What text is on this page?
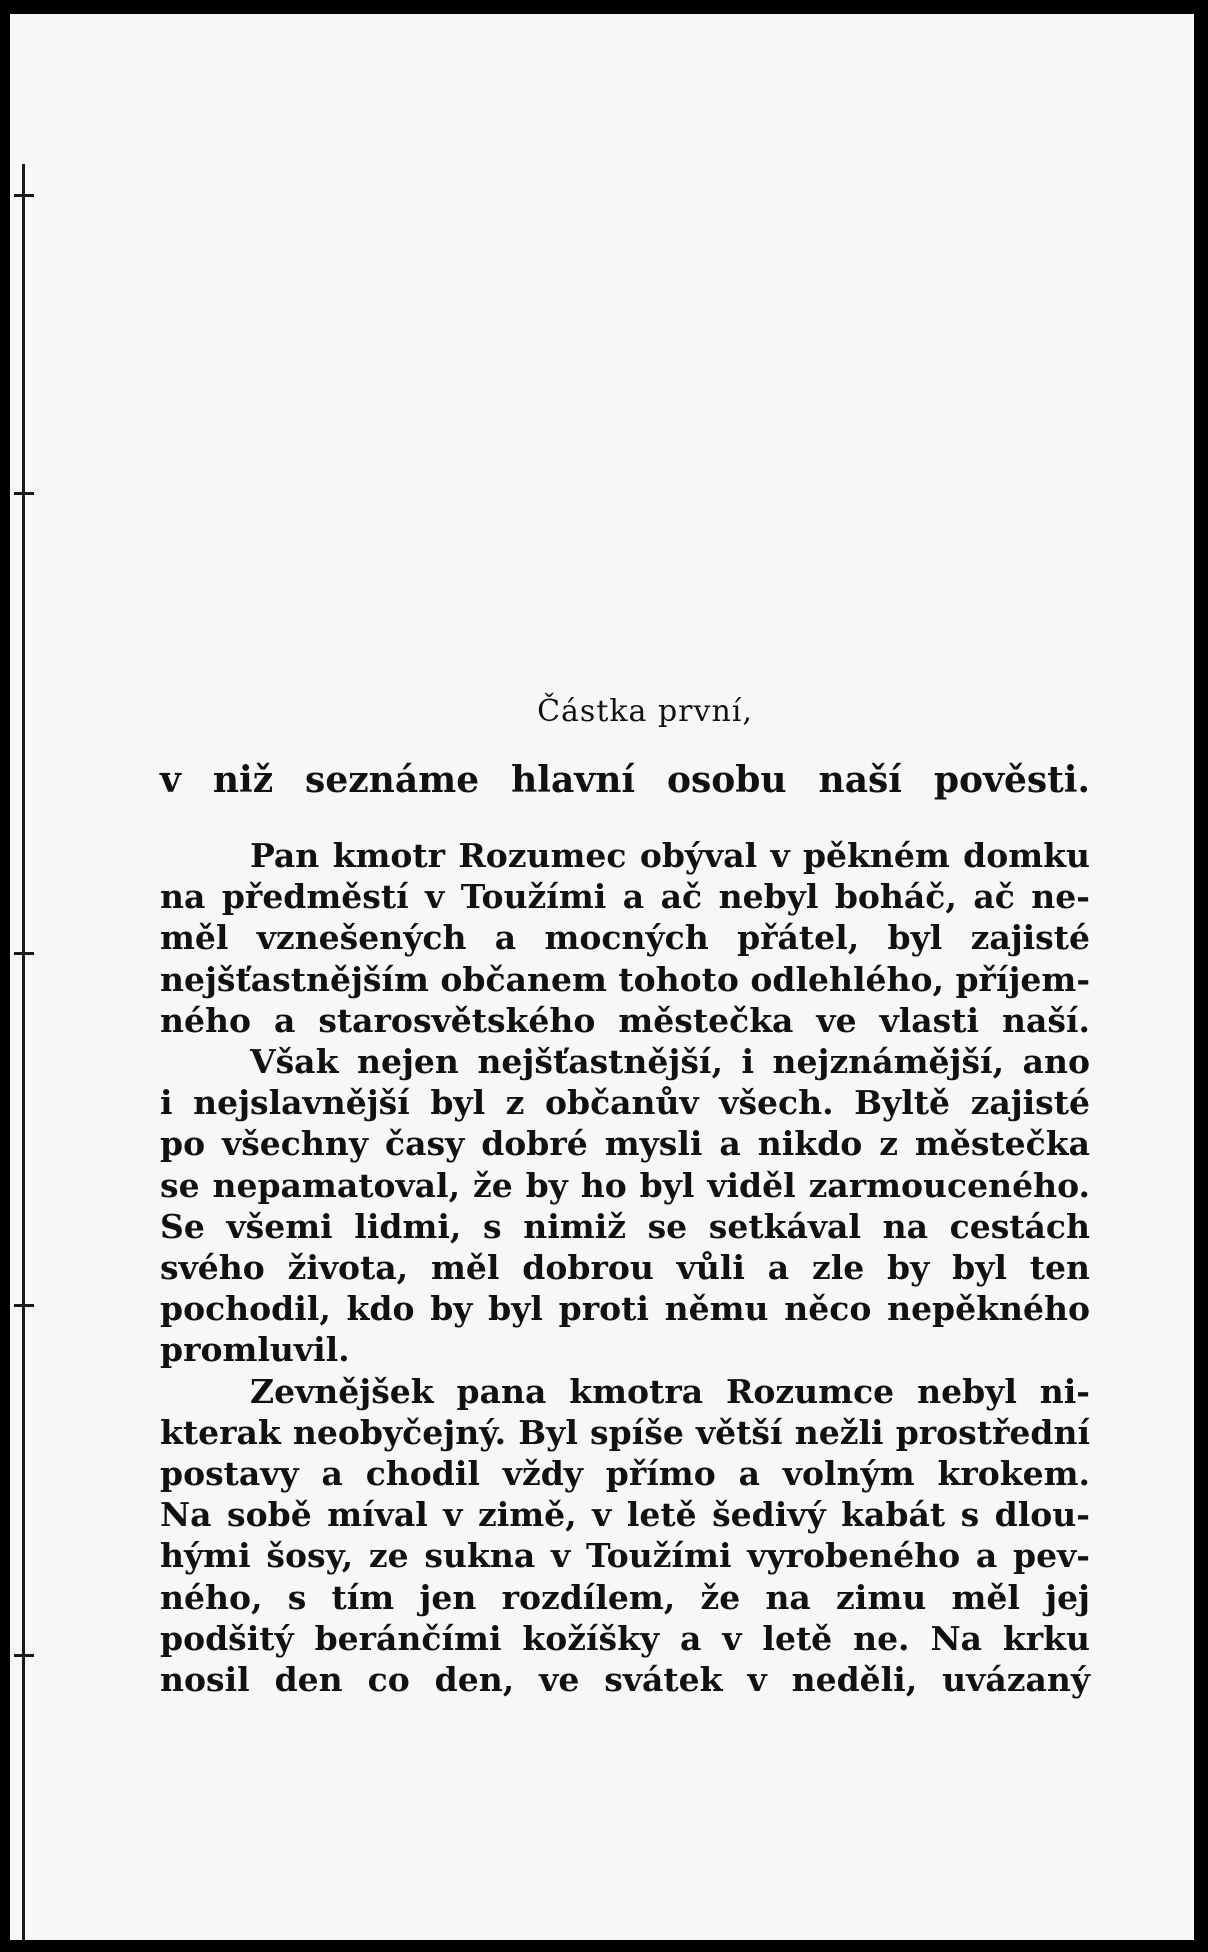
Částka první,
v niž seznáme hlavní osobu naší pověsti.
Pan kmotr Rozumec obýval v pěkném domku
na předměstí v Toužími a ač nebyl boháč, ač ne-
měl vznešených a mocných přátel, byl zajisté
nejšťastnějším občanem tohoto odlehlého, příjem-
ného a starosvětského městečka ve vlasti naší.
Však nejen nejšťastnější, i nejznámější, ano
i nejslavnější byl z občanův všech. Byltě zajisté
po všechny časy dobré mysli a nikdo z městečka
se nepamatoval, že by ho byl viděl zarmouceného.
Se všemi lidmi, s nimiž se setkával na cestách
svého života, měl dobrou vůli a zle by byl ten
pochodil, kdo by byl proti němu něco nepěkného
promluvil.
Zevnějšek pana kmotra Rozumce nebyl ni-
kterak neobyčejný. Byl spíše větší nežli prostřední
postavy a chodil vždy přímo a volným krokem.
Na sobě míval v zimě, v letě šedivý kabát s dlou-
hými šosy, ze sukna v Toužími vyrobeného a pev-
ného, s tím jen rozdílem, že na zimu měl jej
podšitý beránčími kožíšky a v letě ne. Na krku
nosil den co den, ve svátek v neděli, uvázaný
